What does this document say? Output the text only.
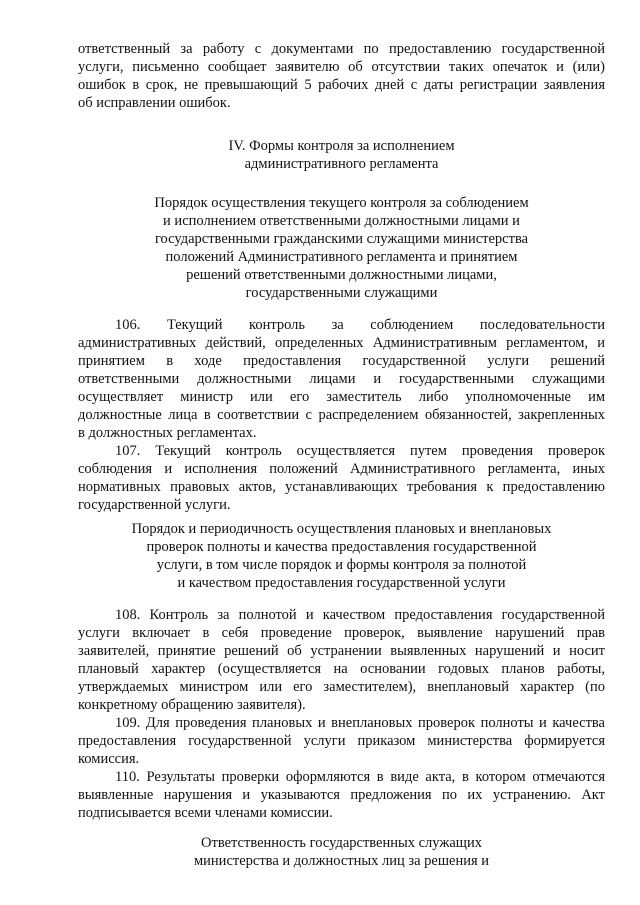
ответственный за работу с документами по предоставлению государственной
услуги, письменно сообщает заявителю об отсутствии таких опечаток и (или)
ошибок в срок, не превышающий 5 рабочих дней с даты регистрации заявления
об исправлении ошибок.
IV. Формы контроля за исполнением
административного регламента
Порядок осуществления текущего контроля за соблюдением
и исполнением ответственными должностными лицами и
государственными гражданскими служащими министерства
положений Административного регламента и принятием
решений ответственными должностными лицами,
государственными служащими
106. Текущий контроль за соблюдением последовательности
административных действий, определенных Административным регламентом, и
принятием в ходе предоставления государственной услуги решений
ответственными должностными лицами и государственными служащими
осуществляет министр или его заместитель либо уполномоченные им
должностные лица в соответствии с распределением обязанностей, закрепленных
в должностных регламентах.
107. Текущий контроль осуществляется путем проведения проверок
соблюдения и исполнения положений Административного регламента, иных
нормативных правовых актов, устанавливающих требования к предоставлению
государственной услуги.
Порядок и периодичность осуществления плановых и внеплановых
проверок полноты и качества предоставления государственной
услуги, в том числе порядок и формы контроля за полнотой
и качеством предоставления государственной услуги
108. Контроль за полнотой и качеством предоставления государственной
услуги включает в себя проведение проверок, выявление нарушений прав
заявителей, принятие решений об устранении выявленных нарушений и носит
плановый характер (осуществляется на основании годовых планов работы,
утверждаемых министром или его заместителем), внеплановый характер (по
конкретному обращению заявителя).
109. Для проведения плановых и внеплановых проверок полноты и качества
предоставления государственной услуги приказом министерства формируется
комиссия.
110. Результаты проверки оформляются в виде акта, в котором отмечаются
выявленные нарушения и указываются предложения по их устранению. Акт
подписывается всеми членами комиссии.
Ответственность государственных служащих
министерства и должностных лиц за решения и
